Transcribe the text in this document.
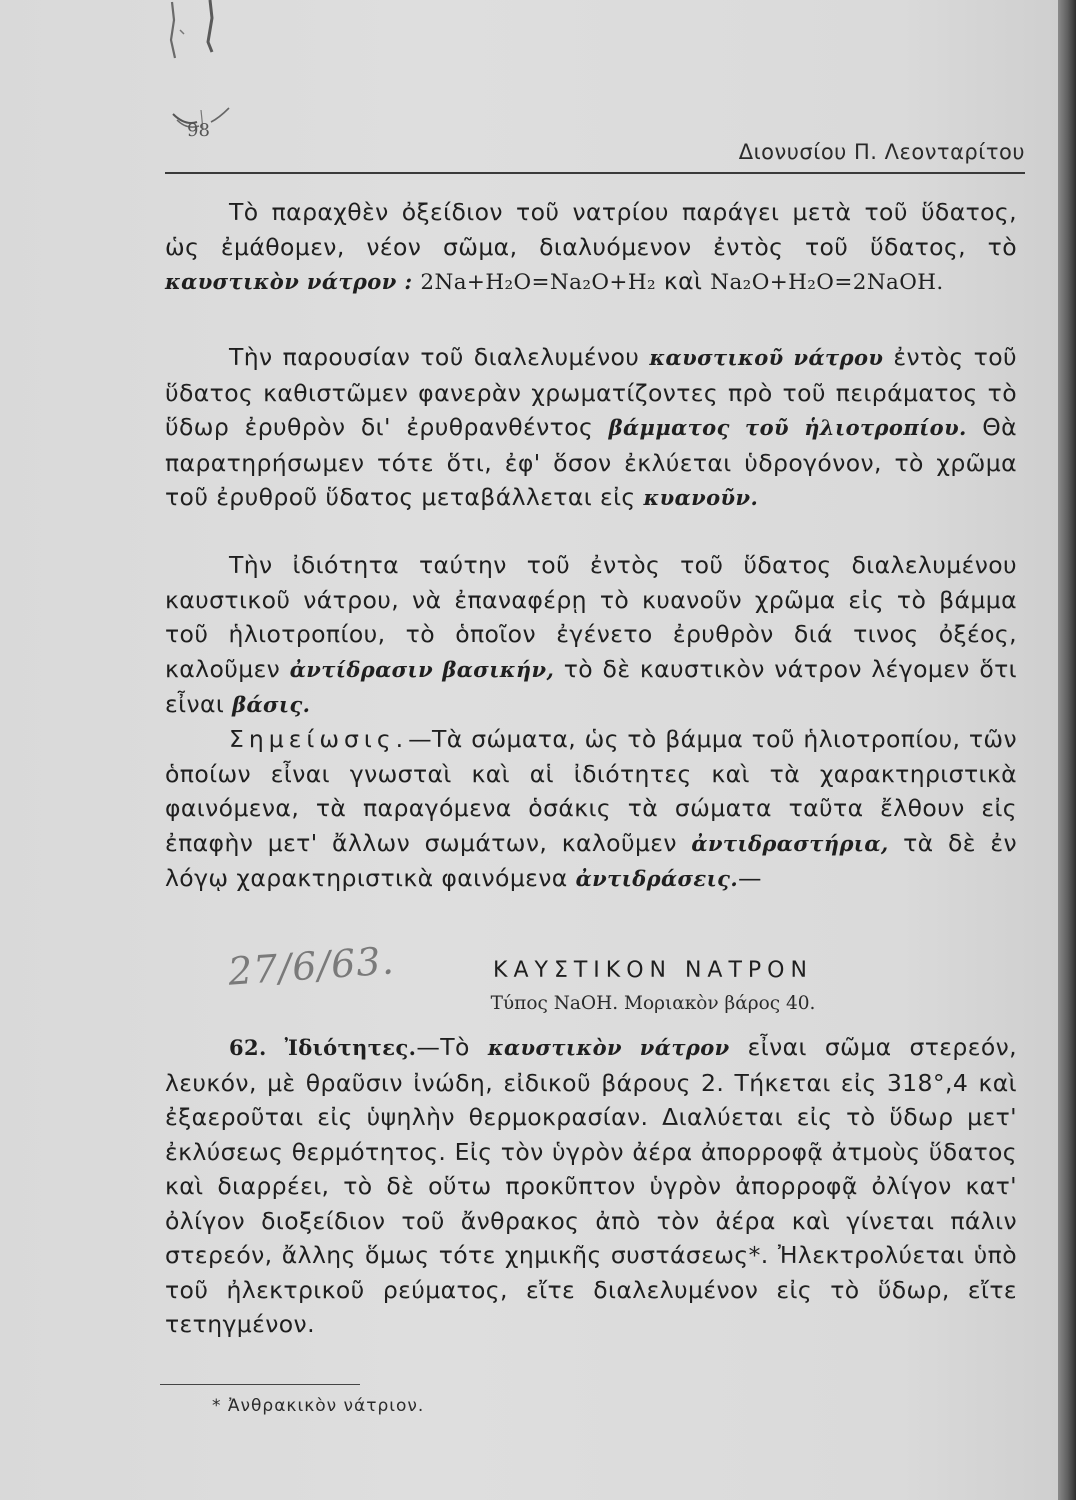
98
Διονυσίου Π. Λεονταρίτου

Τὸ παραχθὲν ὀξείδιον τοῦ νατρίου παράγει μετὰ τοῦ ὕδατος, ὡς ἐμάθομεν, νέον σῶμα, διαλυόμενον ἐντὸς τοῦ ὕδατος, τὸ καυστικὸν νάτρον : 2Na+H₂O=Na₂O+H₂ καὶ Na₂O+H₂O=2NaOH.

Τὴν παρουσίαν τοῦ διαλελυμένου καυστικοῦ νάτρου ἐντὸς τοῦ ὕδατος καθιστῶμεν φανερὰν χρωματίζοντες πρὸ τοῦ πειράματος τὸ ὕδωρ ἐρυθρὸν δι' ἐρυθρανθέντος βάμματος τοῦ ἡλιοτροπίου. Θὰ παρατηρήσωμεν τότε ὅτι, ἐφ' ὅσον ἐκλύεται ὑδρογόνον, τὸ χρῶμα τοῦ ἐρυθροῦ ὕδατος μεταβάλλεται εἰς κυανοῦν.

Τὴν ἰδιότητα ταύτην τοῦ ἐντὸς τοῦ ὕδατος διαλελυμένου καυστικοῦ νάτρου, νὰ ἐπαναφέρῃ τὸ κυανοῦν χρῶμα εἰς τὸ βάμμα τοῦ ἡλιοτροπίου, τὸ ὁποῖον ἐγένετο ἐρυθρὸν διά τινος ὀξέος, καλοῦμεν ἀντίδρασιν βασικήν, τὸ δὲ καυστικὸν νάτρον λέγομεν ὅτι εἶναι βάσις.

Σημείωσις.—Τὰ σώματα, ὡς τὸ βάμμα τοῦ ἡλιοτροπίου, τῶν ὁποίων εἶναι γνωσταὶ καὶ αἱ ἰδιότητες καὶ τὰ χαρακτηριστικὰ φαινόμενα, τὰ παραγόμενα ὁσάκις τὰ σώματα ταῦτα ἔλθουν εἰς ἐπαφὴν μετ' ἄλλων σωμάτων, καλοῦμεν ἀντιδραστήρια, τὰ δὲ ἐν λόγῳ χαρακτηριστικὰ φαινόμενα ἀντιδράσεις.—

27/6/63.	ΚΑΥΣΤΙΚΟΝ ΝΑΤΡΟΝ
Τύπος NaOH. Μοριακὸν βάρος 40.

62. Ἰδιότητες.—Τὸ καυστικὸν νάτρον εἶναι σῶμα στερεόν, λευκόν, μὲ θραῦσιν ἰνώδη, εἰδικοῦ βάρους 2. Τήκεται εἰς 318°,4 καὶ ἐξαεροῦται εἰς ὑψηλὴν θερμοκρασίαν. Διαλύεται εἰς τὸ ὕδωρ μετ' ἐκλύσεως θερμότητος. Εἰς τὸν ὑγρὸν ἀέρα ἀπορροφᾷ ἀτμοὺς ὕδατος καὶ διαρρέει, τὸ δὲ οὕτω προκῦπτον ὑγρὸν ἀπορροφᾷ ὀλίγον κατ' ὀλίγον διοξείδιον τοῦ ἄνθρακος ἀπὸ τὸν ἀέρα καὶ γίνεται πάλιν στερεόν, ἄλλης ὅμως τότε χημικῆς συστάσεως*. Ἠλεκτρολύεται ὑπὸ τοῦ ἠλεκτρικοῦ ρεύματος, εἴτε διαλελυμένον εἰς τὸ ὕδωρ, εἴτε τετηγμένον.

* Ἀνθρακικὸν νάτριον.
